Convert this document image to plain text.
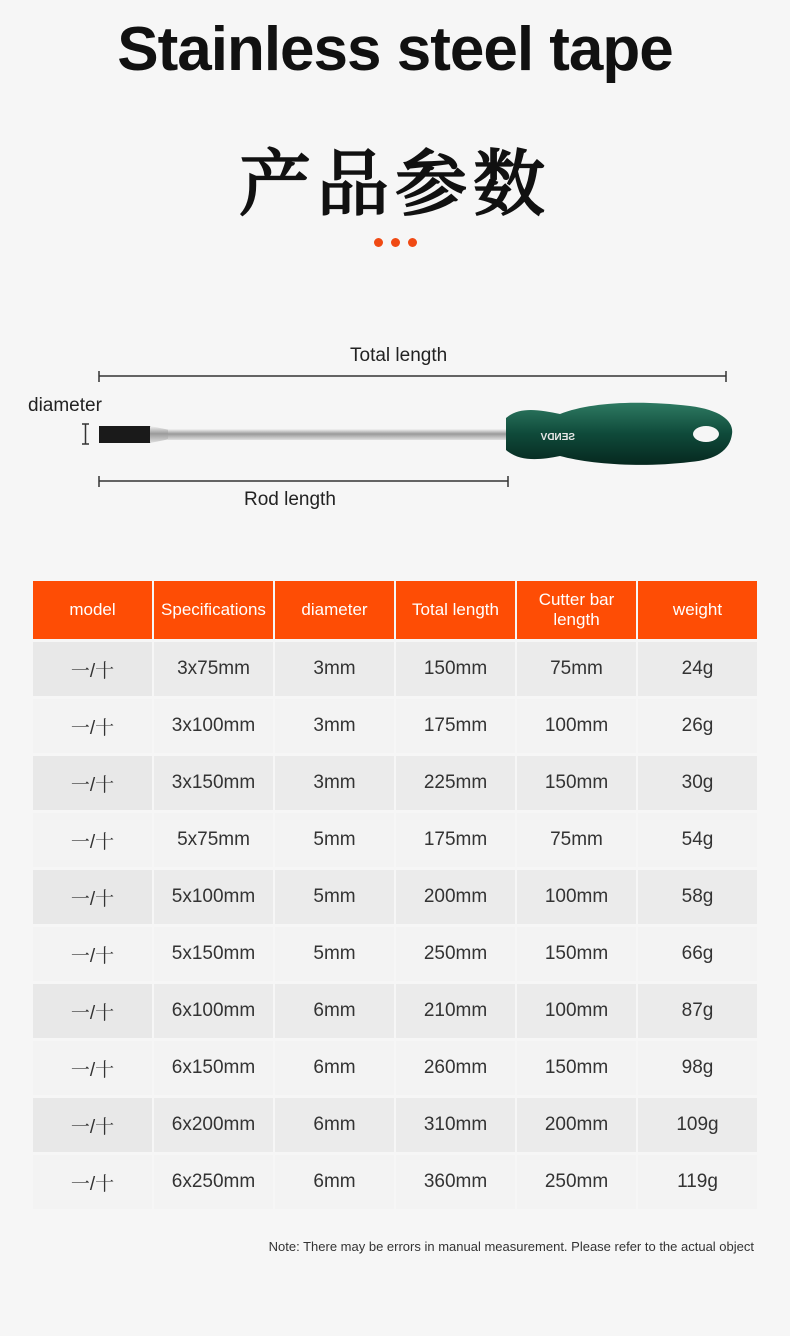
Stainless steel tape
产品参数
Total length
diameter
Rod length
SENDV
model	Specifications	diameter	Total length	Cutter bar length	weight
一/十	3x75mm	3mm	150mm	75mm	24g
一/十	3x100mm	3mm	175mm	100mm	26g
一/十	3x150mm	3mm	225mm	150mm	30g
一/十	5x75mm	5mm	175mm	75mm	54g
一/十	5x100mm	5mm	200mm	100mm	58g
一/十	5x150mm	5mm	250mm	150mm	66g
一/十	6x100mm	6mm	210mm	100mm	87g
一/十	6x150mm	6mm	260mm	150mm	98g
一/十	6x200mm	6mm	310mm	200mm	109g
一/十	6x250mm	6mm	360mm	250mm	119g
Note: There may be errors in manual measurement. Please refer to the actual object
